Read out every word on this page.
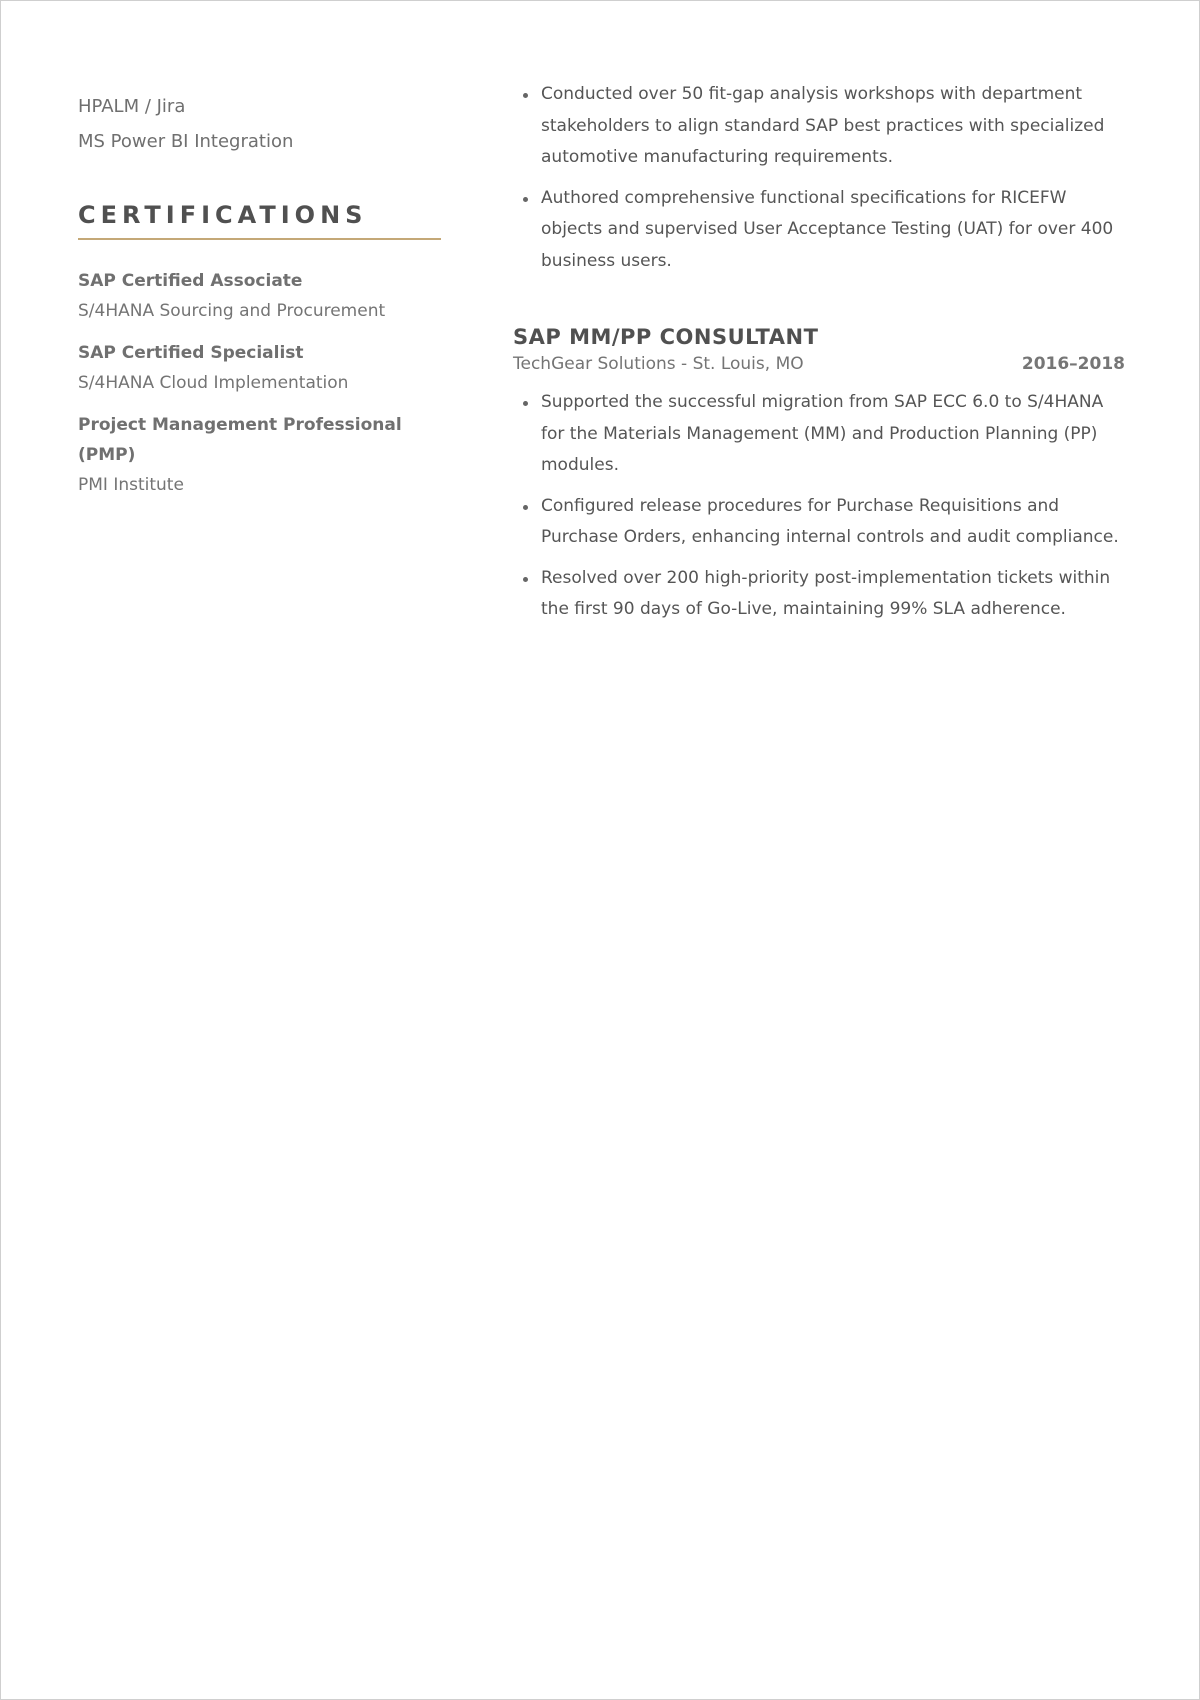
HPALM / Jira
MS Power BI Integration
CERTIFICATIONS
SAP Certified Associate
S/4HANA Sourcing and Procurement
SAP Certified Specialist
S/4HANA Cloud Implementation
Project Management Professional (PMP)
PMI Institute
Conducted over 50 fit-gap analysis workshops with department stakeholders to align standard SAP best practices with specialized automotive manufacturing requirements.
Authored comprehensive functional specifications for RICEFW objects and supervised User Acceptance Testing (UAT) for over 400 business users.
SAP MM/PP CONSULTANT
TechGear Solutions - St. Louis, MO	2016–2018
Supported the successful migration from SAP ECC 6.0 to S/4HANA for the Materials Management (MM) and Production Planning (PP) modules.
Configured release procedures for Purchase Requisitions and Purchase Orders, enhancing internal controls and audit compliance.
Resolved over 200 high-priority post-implementation tickets within the first 90 days of Go-Live, maintaining 99% SLA adherence.
